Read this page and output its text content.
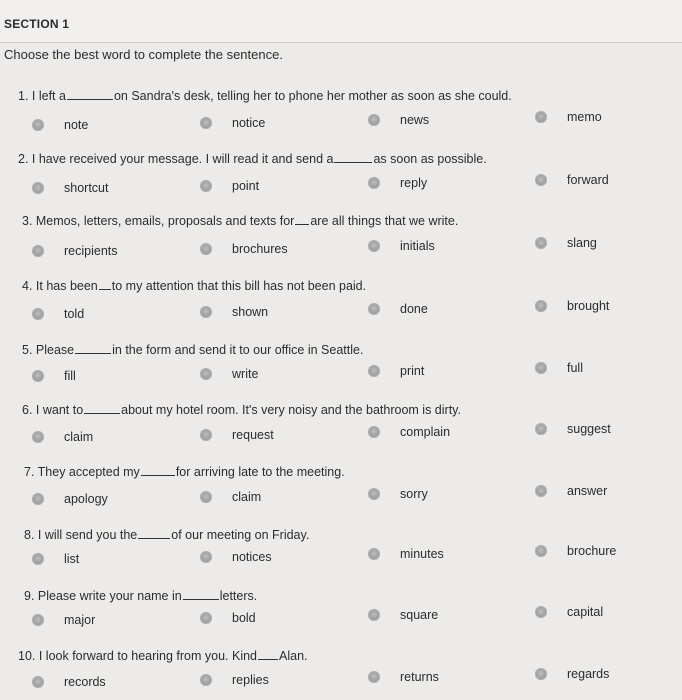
SECTION 1
Choose the best word to complete the sentence.
1. I left a	on Sandra's desk, telling her to phone her mother as soon as she could.
note	notice	news	memo
2. I have received your message. I will read it and send a	as soon as possible.
shortcut	point	reply	forward
3. Memos, letters, emails, proposals and texts for are all things that we write.
recipients	brochures	initials	slang
4. It has been to my attention that this bill has not been paid.
told	shown	done	brought
5. Please	in the form and send it to our office in Seattle.
fill	write	print	full
6. I want to	about my hotel room. It's very noisy and the bathroom is dirty.
claim	request	complain	suggest
7. They accepted my	for arriving late to the meeting.
apology	claim	sorry	answer
8. I will send you the	of our meeting on Friday.
list	notices	minutes	brochure
9. Please write your name in	letters.
major	bold	square	capital
10. I look forward to hearing from you. Kind Alan.
records	replies	returns	regards
